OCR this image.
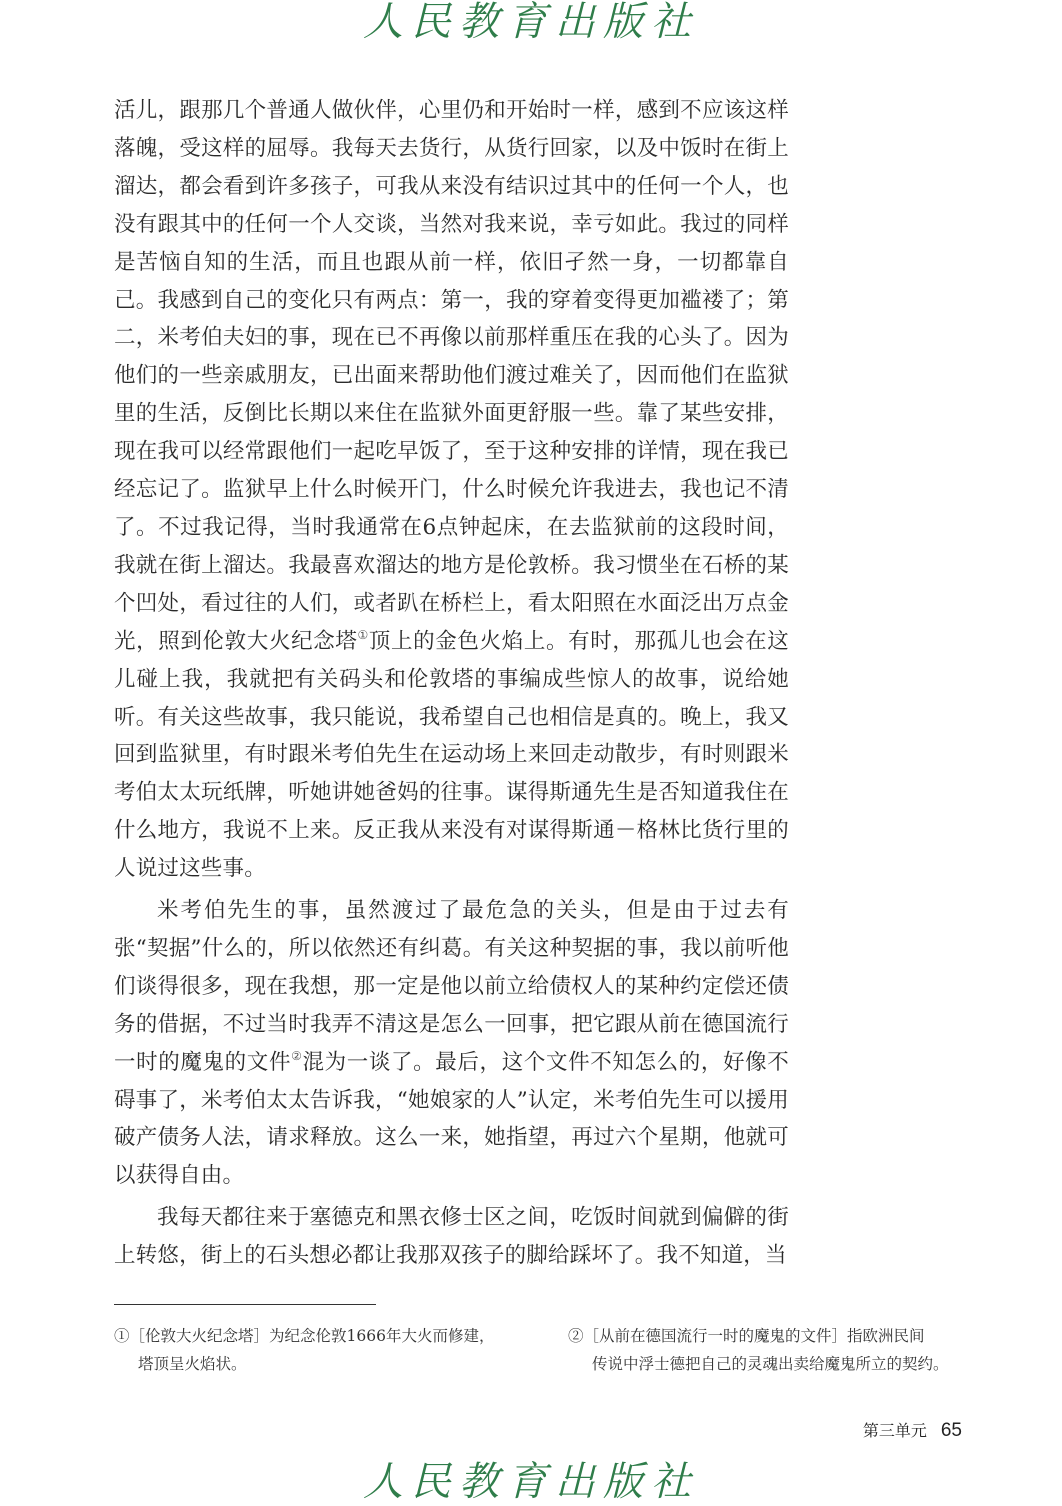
人民教育出版社

活儿，跟那几个普通人做伙伴，心里仍和开始时一样，感到不应该这样落魄，受这样的屈辱。我每天去货行，从货行回家，以及中饭时在街上溜达，都会看到许多孩子，可我从来没有结识过其中的任何一个人，也没有跟其中的任何一个人交谈，当然对我来说，幸亏如此。我过的同样是苦恼自知的生活，而且也跟从前一样，依旧孑然一身，一切都靠自己。我感到自己的变化只有两点：第一，我的穿着变得更加褴褛了；第二，米考伯夫妇的事，现在已不再像以前那样重压在我的心头了。因为他们的一些亲戚朋友，已出面来帮助他们渡过难关了，因而他们在监狱里的生活，反倒比长期以来住在监狱外面更舒服一些。靠了某些安排，现在我可以经常跟他们一起吃早饭了，至于这种安排的详情，现在我已经忘记了。监狱早上什么时候开门，什么时候允许我进去，我也记不清了。不过我记得，当时我通常在6点钟起床，在去监狱前的这段时间，我就在街上溜达。我最喜欢溜达的地方是伦敦桥。我习惯坐在石桥的某个凹处，看过往的人们，或者趴在桥栏上，看太阳照在水面泛出万点金光，照到伦敦大火纪念塔①顶上的金色火焰上。有时，那孤儿也会在这儿碰上我，我就把有关码头和伦敦塔的事编成些惊人的故事，说给她听。有关这些故事，我只能说，我希望自己也相信是真的。晚上，我又回到监狱里，有时跟米考伯先生在运动场上来回走动散步，有时则跟米考伯太太玩纸牌，听她讲她爸妈的往事。谋得斯通先生是否知道我住在什么地方，我说不上来。反正我从来没有对谋得斯通－格林比货行里的人说过这些事。

米考伯先生的事，虽然渡过了最危急的关头，但是由于过去有张“契据”什么的，所以依然还有纠葛。有关这种契据的事，我以前听他们谈得很多，现在我想，那一定是他以前立给债权人的某种约定偿还债务的借据，不过当时我弄不清这是怎么一回事，把它跟从前在德国流行一时的魔鬼的文件②混为一谈了。最后，这个文件不知怎么的，好像不碍事了，米考伯太太告诉我，“她娘家的人”认定，米考伯先生可以援用破产债务人法，请求释放。这么一来，她指望，再过六个星期，他就可以获得自由。

我每天都往来于塞德克和黑衣修士区之间，吃饭时间就到偏僻的街上转悠，街上的石头想必都让我那双孩子的脚给踩坏了。我不知道，当

①［伦敦大火纪念塔］为纪念伦敦1666年大火而修建，
塔顶呈火焰状。
②［从前在德国流行一时的魔鬼的文件］指欧洲民间
传说中浮士德把自己的灵魂出卖给魔鬼所立的契约。
第三单元 65
人民教育出版社
